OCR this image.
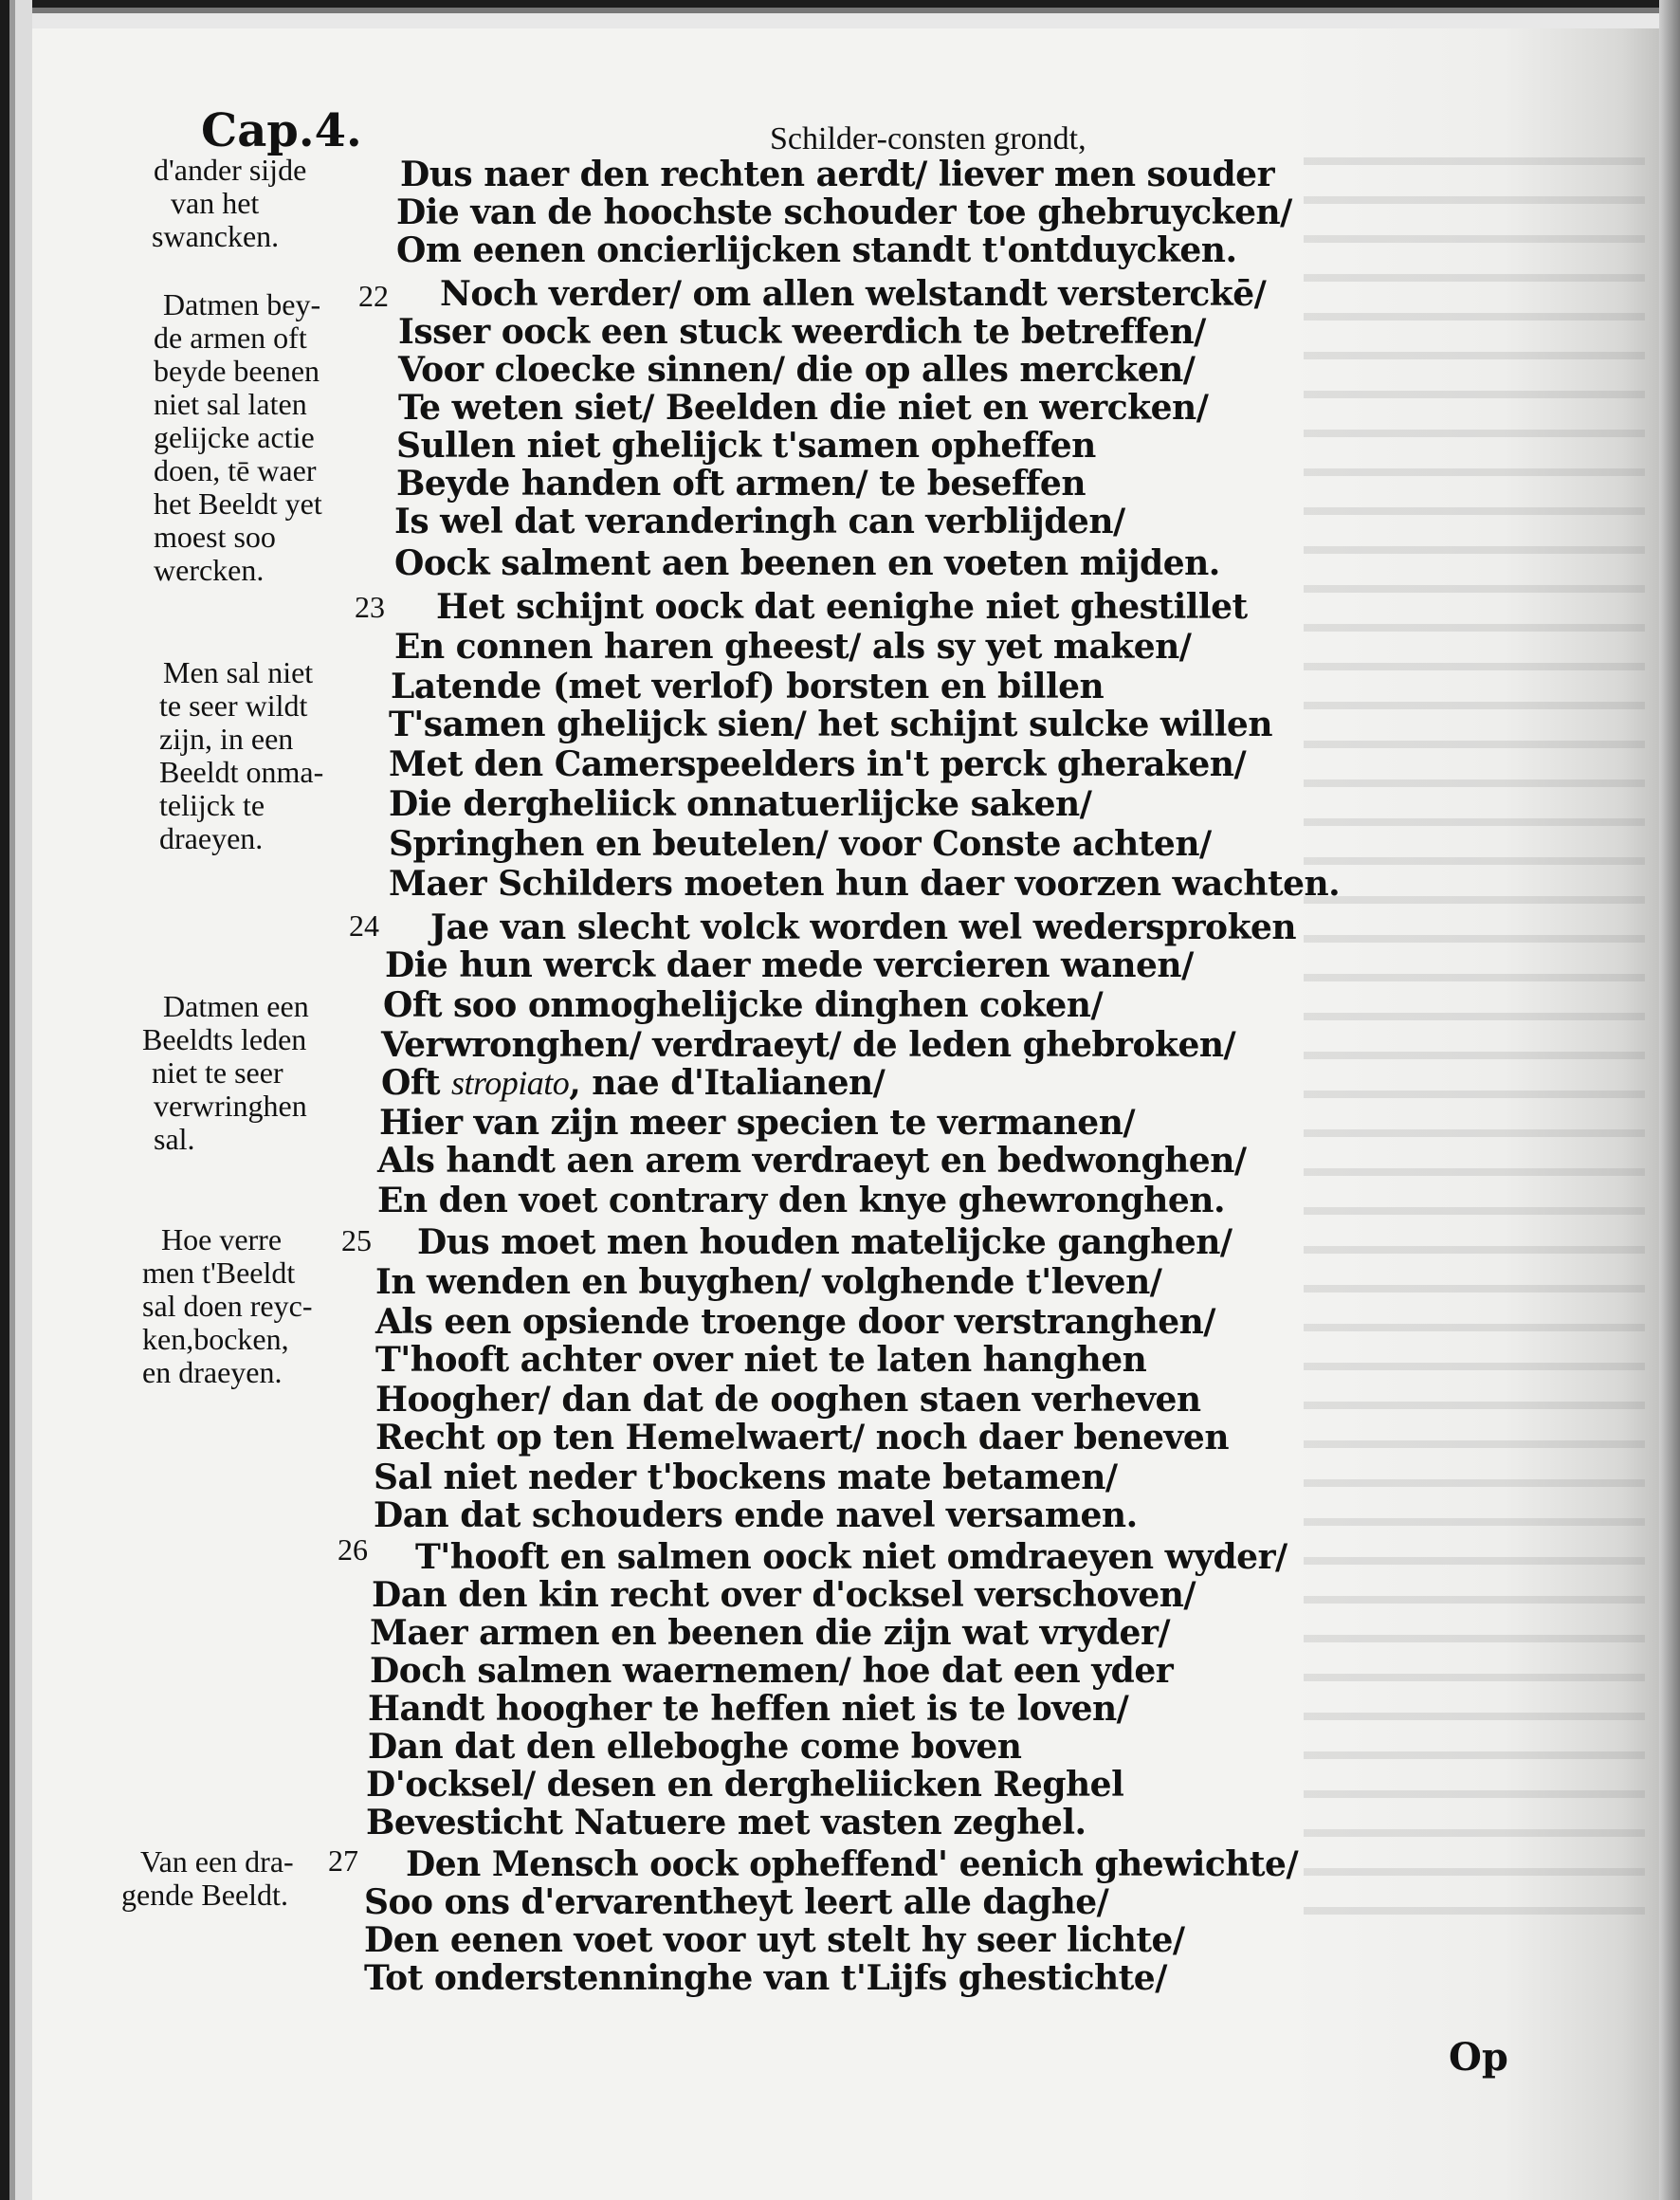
Cap.4.	Schilder-consten grondt,
d'ander sijde
van het
swancken.
Datmen bey-
de armen oft
beyde beenen
niet sal laten
gelijcke actie
doen, tē waer
het Beeldt yet
moest soo
wercken.
Men sal niet
te seer wildt
zijn, in een
Beeldt onma-
telijck te
draeyen.
Datmen een
Beeldts leden
niet te seer
verwringhen
sal.
Hoe verre
men t'Beeldt
sal doen reyc-
ken,bocken,
en draeyen.
Van een dra-
gende Beeldt.
22
23
24
25
26
27
Dus naer den rechten aerdt/ liever men souder
Die van de hoochste schouder toe ghebruycken/
Om eenen oncierlijcken standt t'ontduycken.
Noch verder/ om allen welstandt versterckē/
Isser oock een stuck weerdich te betreffen/
Voor cloecke sinnen/ die op alles mercken/
Te weten siet/ Beelden die niet en wercken/
Sullen niet ghelijck t'samen opheffen
Beyde handen oft armen/ te beseffen
Is wel dat veranderingh can verblijden/
Oock salment aen beenen en voeten mijden.
Het schijnt oock dat eenighe niet ghestillet
En connen haren gheest/ als sy yet maken/
Latende (met verlof) borsten en billen
T'samen ghelijck sien/ het schijnt sulcke willen
Met den Camerspeelders in't perck gheraken/
Die dergheliick onnatuerlijcke saken/
Springhen en beutelen/ voor Conste achten/
Maer Schilders moeten hun daer voorzen wachten.
Jae van slecht volck worden wel wedersproken
Die hun werck daer mede vercieren wanen/
Oft soo onmoghelijcke dinghen coken/
Verwronghen/ verdraeyt/ de leden ghebroken/
Oft stropiato, nae d'Italianen/
Hier van zijn meer specien te vermanen/
Als handt aen arem verdraeyt en bedwonghen/
En den voet contrary den knye ghewronghen.
Dus moet men houden matelijcke ganghen/
In wenden en buyghen/ volghende t'leven/
Als een opsiende troenge door verstranghen/
T'hooft achter over niet te laten hanghen
Hoogher/ dan dat de ooghen staen verheven
Recht op ten Hemelwaert/ noch daer beneven
Sal niet neder t'bockens mate betamen/
Dan dat schouders ende navel versamen.
T'hooft en salmen oock niet omdraeyen wyder/
Dan den kin recht over d'ocksel verschoven/
Maer armen en beenen die zijn wat vryder/
Doch salmen waernemen/ hoe dat een yder
Handt hoogher te heffen niet is te loven/
Dan dat den elleboghe come boven
D'ocksel/ desen en dergheliicken Reghel
Bevesticht Natuere met vasten zeghel.
Den Mensch oock opheffend' eenich ghewichte/
Soo ons d'ervarentheyt leert alle daghe/
Den eenen voet voor uyt stelt hy seer lichte/
Tot onderstenninghe van t'Lijfs ghestichte/
Op
